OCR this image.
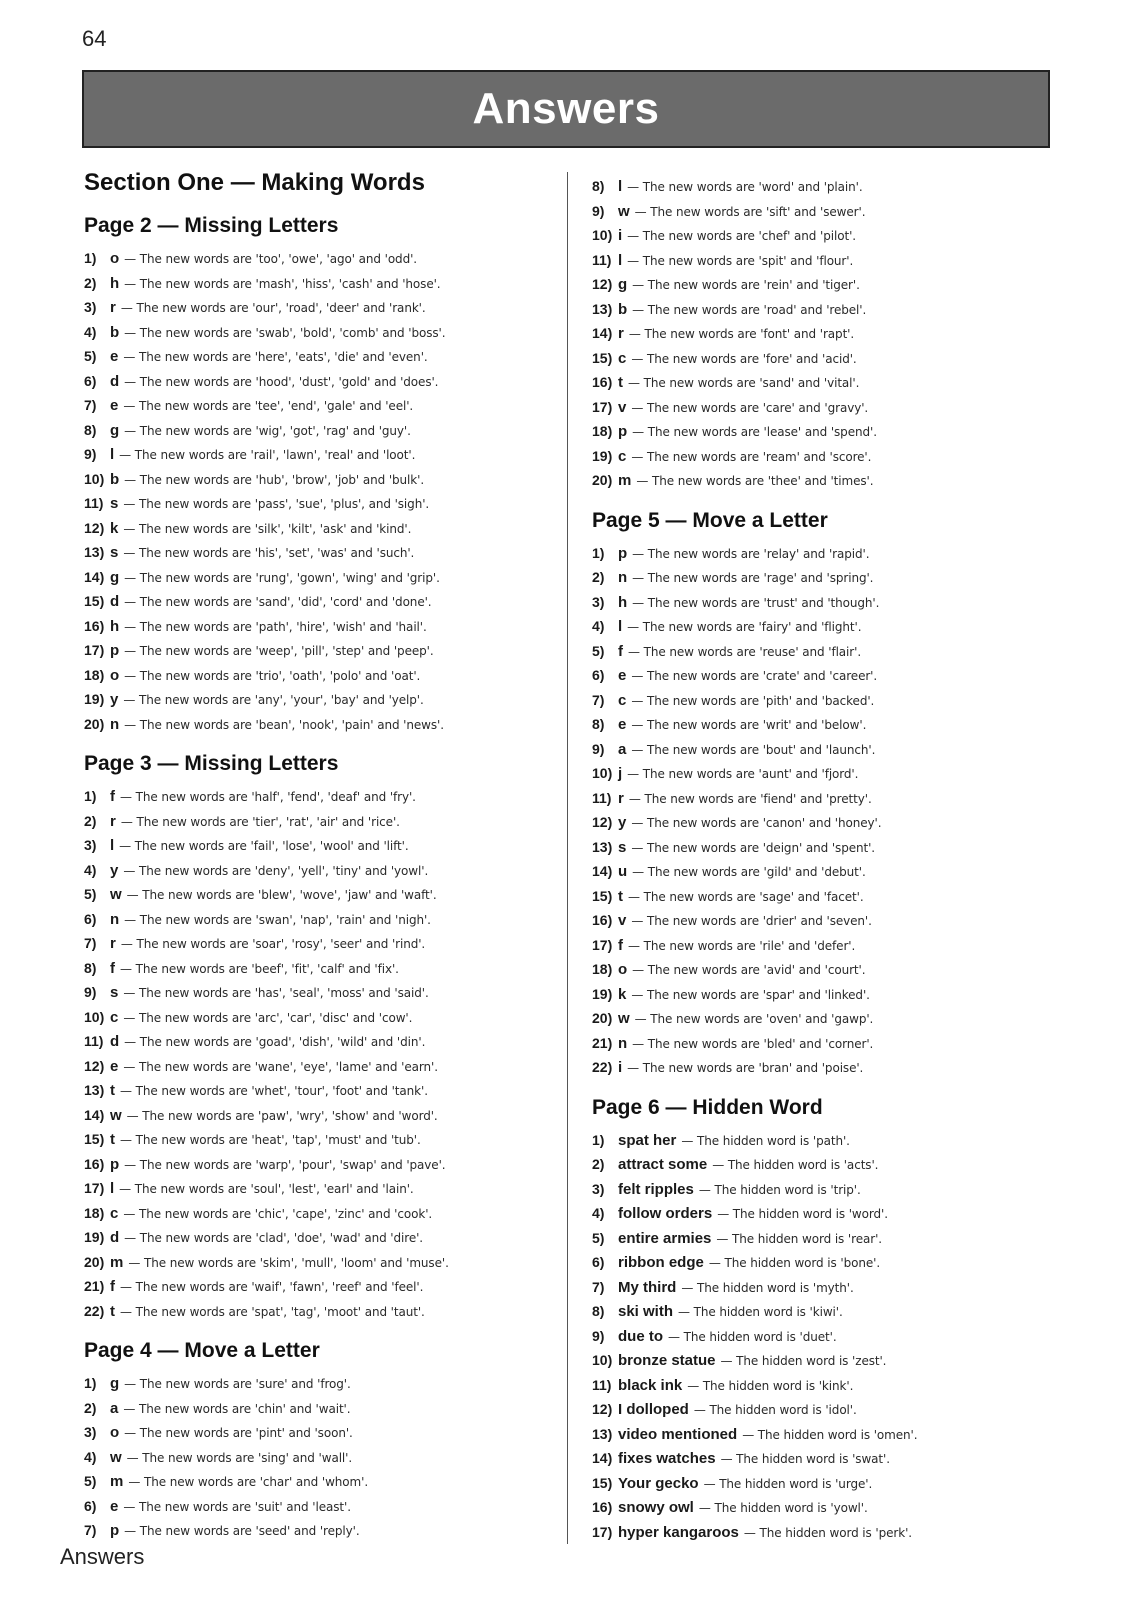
64
Answers
Section One — Making Words
Page 2 — Missing Letters
1) o — The new words are 'too', 'owe', 'ago' and 'odd'.
2) h — The new words are 'mash', 'hiss', 'cash' and 'hose'.
3) r — The new words are 'our', 'road', 'deer' and 'rank'.
4) b — The new words are 'swab', 'bold', 'comb' and 'boss'.
5) e — The new words are 'here', 'eats', 'die' and 'even'.
6) d — The new words are 'hood', 'dust', 'gold' and 'does'.
7) e — The new words are 'tee', 'end', 'gale' and 'eel'.
8) g — The new words are 'wig', 'got', 'rag' and 'guy'.
9) l — The new words are 'rail', 'lawn', 'real' and 'loot'.
10) b — The new words are 'hub', 'brow', 'job' and 'bulk'.
11) s — The new words are 'pass', 'sue', 'plus', and 'sigh'.
12) k — The new words are 'silk', 'kilt', 'ask' and 'kind'.
13) s — The new words are 'his', 'set', 'was' and 'such'.
14) g — The new words are 'rung', 'gown', 'wing' and 'grip'.
15) d — The new words are 'sand', 'did', 'cord' and 'done'.
16) h — The new words are 'path', 'hire', 'wish' and 'hail'.
17) p — The new words are 'weep', 'pill', 'step' and 'peep'.
18) o — The new words are 'trio', 'oath', 'polo' and 'oat'.
19) y — The new words are 'any', 'your', 'bay' and 'yelp'.
20) n — The new words are 'bean', 'nook', 'pain' and 'news'.
Page 3 — Missing Letters
1) f — The new words are 'half', 'fend', 'deaf' and 'fry'.
2) r — The new words are 'tier', 'rat', 'air' and 'rice'.
3) l — The new words are 'fail', 'lose', 'wool' and 'lift'.
4) y — The new words are 'deny', 'yell', 'tiny' and 'yowl'.
5) w — The new words are 'blew', 'wove', 'jaw' and 'waft'.
6) n — The new words are 'swan', 'nap', 'rain' and 'nigh'.
7) r — The new words are 'soar', 'rosy', 'seer' and 'rind'.
8) f — The new words are 'beef', 'fit', 'calf' and 'fix'.
9) s — The new words are 'has', 'seal', 'moss' and 'said'.
10) c — The new words are 'arc', 'car', 'disc' and 'cow'.
11) d — The new words are 'goad', 'dish', 'wild' and 'din'.
12) e — The new words are 'wane', 'eye', 'lame' and 'earn'.
13) t — The new words are 'whet', 'tour', 'foot' and 'tank'.
14) w — The new words are 'paw', 'wry', 'show' and 'word'.
15) t — The new words are 'heat', 'tap', 'must' and 'tub'.
16) p — The new words are 'warp', 'pour', 'swap' and 'pave'.
17) l — The new words are 'soul', 'lest', 'earl' and 'lain'.
18) c — The new words are 'chic', 'cape', 'zinc' and 'cook'.
19) d — The new words are 'clad', 'doe', 'wad' and 'dire'.
20) m — The new words are 'skim', 'mull', 'loom' and 'muse'.
21) f — The new words are 'waif', 'fawn', 'reef' and 'feel'.
22) t — The new words are 'spat', 'tag', 'moot' and 'taut'.
Page 4 — Move a Letter
1) g — The new words are 'sure' and 'frog'.
2) a — The new words are 'chin' and 'wait'.
3) o — The new words are 'pint' and 'soon'.
4) w — The new words are 'sing' and 'wall'.
5) m — The new words are 'char' and 'whom'.
6) e — The new words are 'suit' and 'least'.
7) p — The new words are 'seed' and 'reply'.
8) l — The new words are 'word' and 'plain'.
9) w — The new words are 'sift' and 'sewer'.
10) i — The new words are 'chef' and 'pilot'.
11) l — The new words are 'spit' and 'flour'.
12) g — The new words are 'rein' and 'tiger'.
13) b — The new words are 'road' and 'rebel'.
14) r — The new words are 'font' and 'rapt'.
15) c — The new words are 'fore' and 'acid'.
16) t — The new words are 'sand' and 'vital'.
17) v — The new words are 'care' and 'gravy'.
18) p — The new words are 'lease' and 'spend'.
19) c — The new words are 'ream' and 'score'.
20) m — The new words are 'thee' and 'times'.
Page 5 — Move a Letter
1) p — The new words are 'relay' and 'rapid'.
2) n — The new words are 'rage' and 'spring'.
3) h — The new words are 'trust' and 'though'.
4) l — The new words are 'fairy' and 'flight'.
5) f — The new words are 'reuse' and 'flair'.
6) e — The new words are 'crate' and 'career'.
7) c — The new words are 'pith' and 'backed'.
8) e — The new words are 'writ' and 'below'.
9) a — The new words are 'bout' and 'launch'.
10) j — The new words are 'aunt' and 'fjord'.
11) r — The new words are 'fiend' and 'pretty'.
12) y — The new words are 'canon' and 'honey'.
13) s — The new words are 'deign' and 'spent'.
14) u — The new words are 'gild' and 'debut'.
15) t — The new words are 'sage' and 'facet'.
16) v — The new words are 'drier' and 'seven'.
17) f — The new words are 'rile' and 'defer'.
18) o — The new words are 'avid' and 'court'.
19) k — The new words are 'spar' and 'linked'.
20) w — The new words are 'oven' and 'gawp'.
21) n — The new words are 'bled' and 'corner'.
22) i — The new words are 'bran' and 'poise'.
Page 6 — Hidden Word
1) spat her — The hidden word is 'path'.
2) attract some — The hidden word is 'acts'.
3) felt ripples — The hidden word is 'trip'.
4) follow orders — The hidden word is 'word'.
5) entire armies — The hidden word is 'rear'.
6) ribbon edge — The hidden word is 'bone'.
7) My third — The hidden word is 'myth'.
8) ski with — The hidden word is 'kiwi'.
9) due to — The hidden word is 'duet'.
10) bronze statue — The hidden word is 'zest'.
11) black ink — The hidden word is 'kink'.
12) I dolloped — The hidden word is 'idol'.
13) video mentioned — The hidden word is 'omen'.
14) fixes watches — The hidden word is 'swat'.
15) Your gecko — The hidden word is 'urge'.
16) snowy owl — The hidden word is 'yowl'.
17) hyper kangaroos — The hidden word is 'perk'.
Answers
